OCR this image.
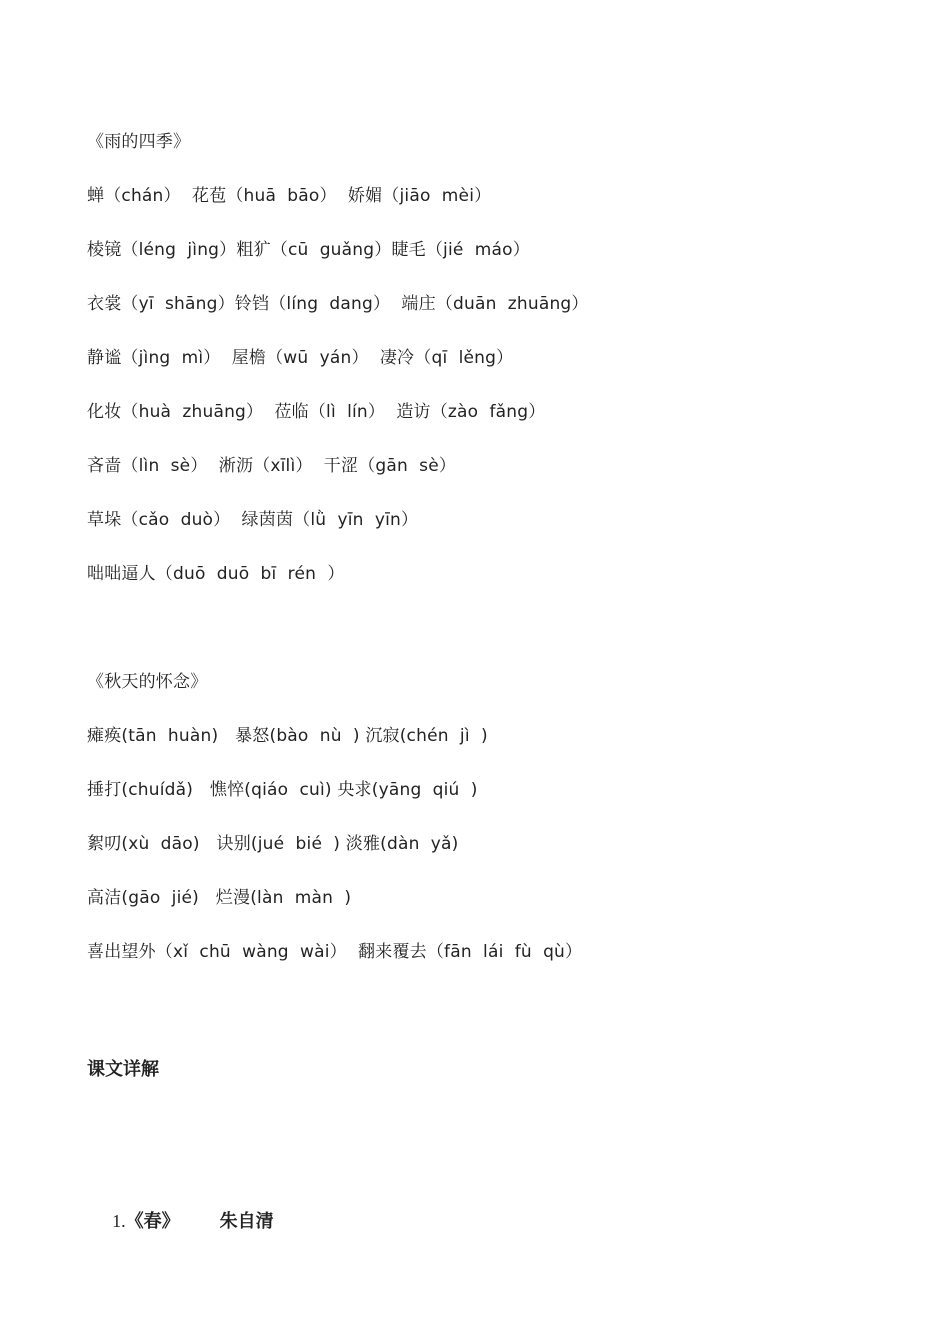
《雨的四季》
蝉（chán）  花苞（huā  bāo）  娇媚（jiāo  mèi）
棱镜（léng  jìng）粗犷（cū  guǎng）睫毛（jié  máo）
衣裳（yī  shāng）铃铛（líng  dang）  端庄（duān  zhuāng）
静谧（jìng  mì）  屋檐（wū  yán）  凄冷（qī  lěng）
化妆（huà  zhuāng）  莅临（lì  lín）  造访（zào  fǎng）
吝啬（lìn  sè）  淅沥（xīlì）  干涩（gān  sè）
草垛（cǎo  duò）  绿茵茵（lǜ  yīn  yīn）
咄咄逼人（duō  duō  bī  rén  ）
《秋天的怀念》
瘫痪(tān  huàn)   暴怒(bào  nù  ) 沉寂(chén  jì  )
捶打(chuídǎ)   憔悴(qiáo  cuì) 央求(yāng  qiú  )
絮叨(xù  dāo)   诀别(jué  bié  ) 淡雅(dàn  yǎ)
高洁(gāo  jié)   烂漫(làn  màn  )
喜出望外（xǐ  chū  wàng  wài）  翻来覆去（fān  lái  fù  qù）
课文详解

1.《春》 朱自清
